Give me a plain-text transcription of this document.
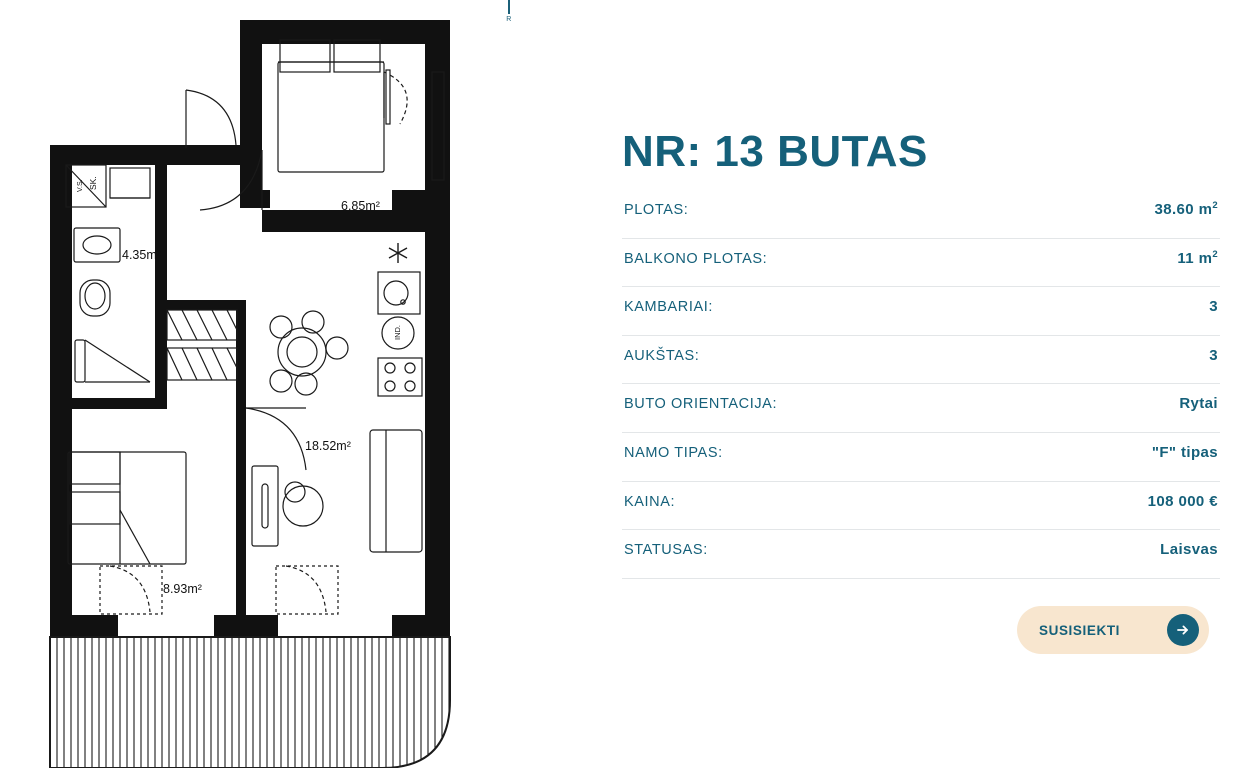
6.85m²
4.35m²
18.52m²
8.93m²
SK.
V.S.
IND.
R
NR: 13 BUTAS
PLOTAS:	38.60 $m^2$
BALKONO PLOTAS:	11 $m^2$
KAMBARIAI:	3
AUKŠTAS:	3
BUTO ORIENTACIJA:	Rytai
NAMO TIPAS:	"F" tipas
KAINA:	108 000 €
STATUSAS:	Laisvas
SUSISIEKTI
